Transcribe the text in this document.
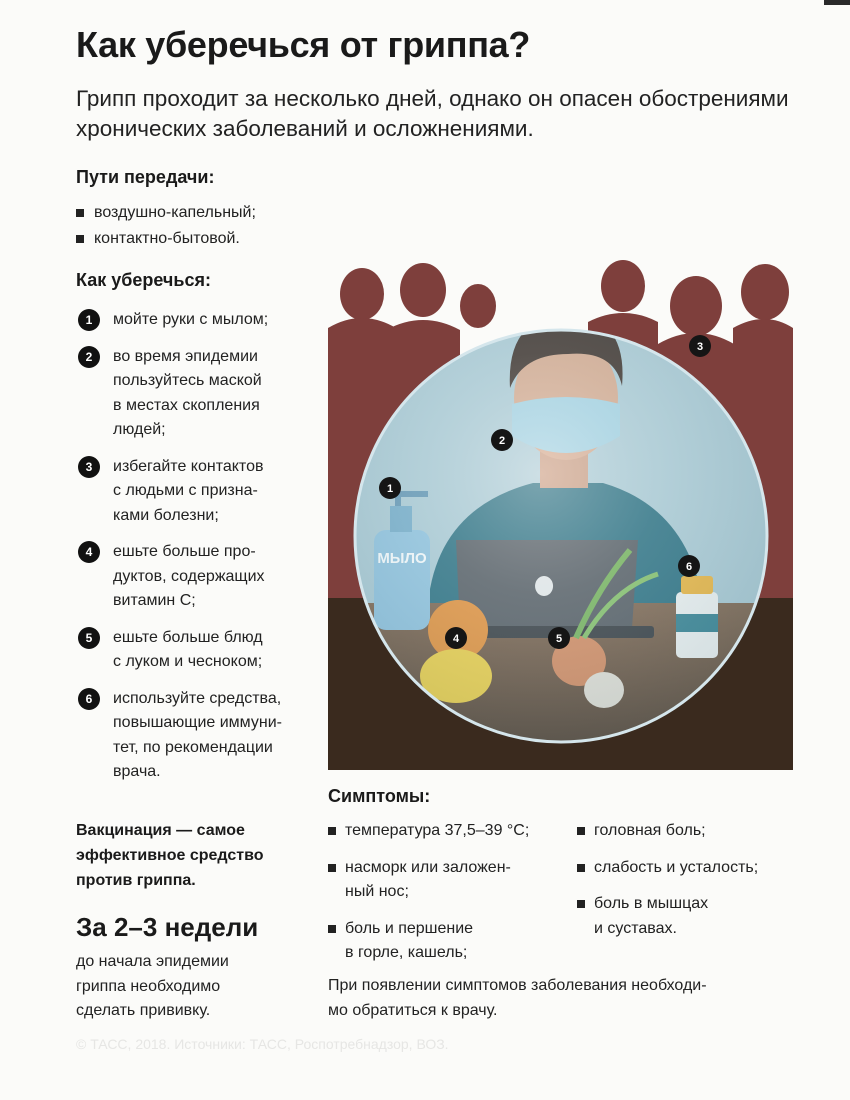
Как уберечься от гриппа?
Грипп проходит за несколько дней, однако он опасен обострениями хронических заболеваний и осложнениями.
Пути передачи:
воздушно-капельный;
контактно-бытовой.
Как уберечься:
1	мойте руки с мылом;
2	во время эпидемии
пользуйтесь маской
в местах скопления
людей;
3	избегайте контактов
с людьми с призна-
ками болезни;
4	ешьте больше про-
дуктов, содержащих
витамин С;
5	ешьте больше блюд
с луком и чесноком;
6	используйте средства,
повышающие иммуни-
тет, по рекомендации
врача.
1
2
3
4	5
6
Симптомы:
температура 37,5–39 °С;
насморк или заложен-
ный нос;
боль и першение
в горле, кашель;
головная боль;
слабость и усталость;
боль в мышцах
и суставах.
Вакцинация — самое
эффективное средство
против гриппа.
За 2–3 недели
до начала эпидемии
гриппа необходимо
сделать прививку.
При появлении симптомов заболевания необходи-
мо обратиться к врачу.
© ТАСС, 2018. Источники: ТАСС, Роспотребнадзор, ВОЗ.
